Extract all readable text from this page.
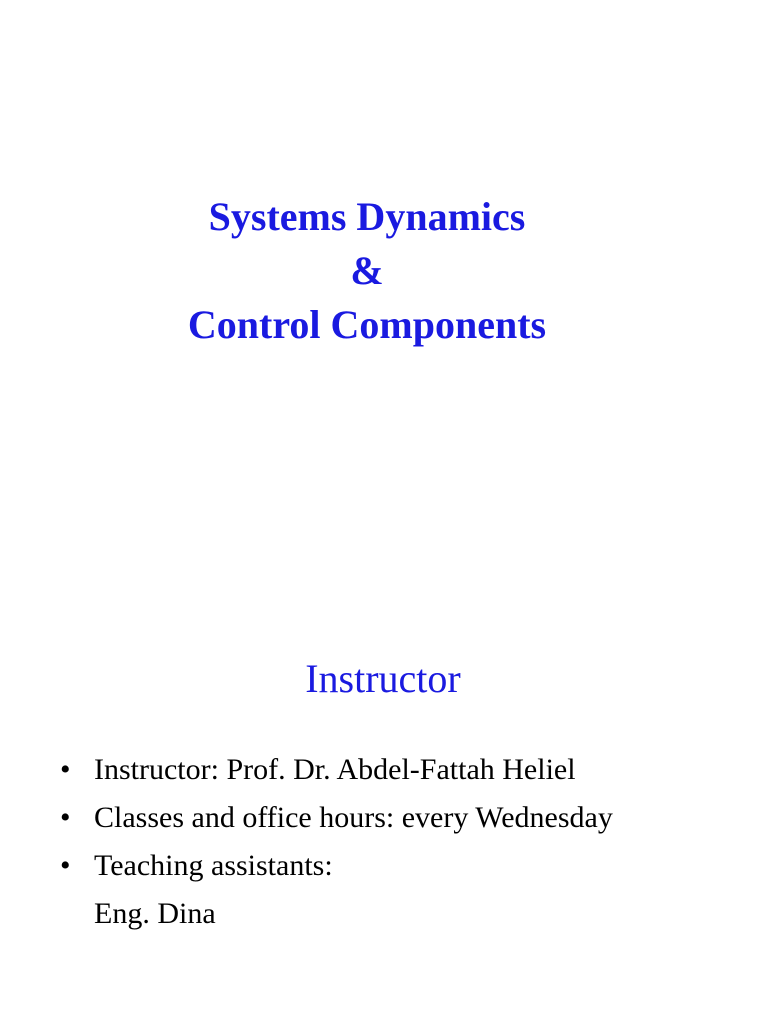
Systems Dynamics
&
Control Components
Instructor
• Instructor: Prof. Dr. Abdel-Fattah Heliel
• Classes and office hours: every Wednesday
• Teaching assistants:
Eng. Dina
